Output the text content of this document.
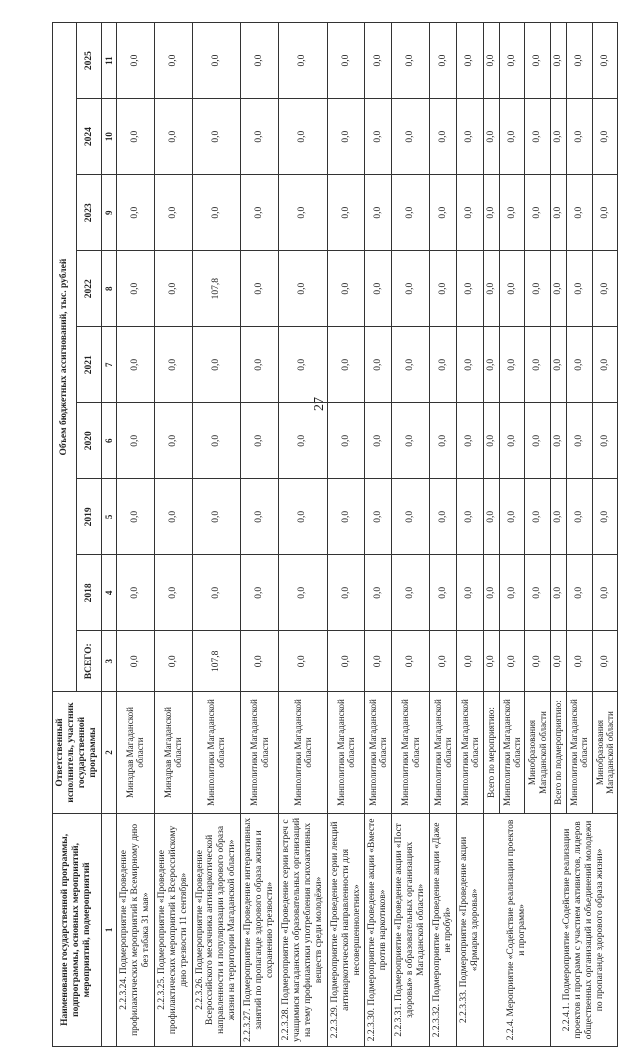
27
Наименование государственной программы, подпрограммы, основных мероприятий, мероприятий, подмероприятий	Ответственный исполнитель, участник государственной программы	Объем бюджетных ассигнований, тыс. рублей								
		ВСЕГО:	2018	2019	2020	2021	2022	2023	2024	2025
1	2	3	4	5	6	7	8	9	10	11
2.2.3.24. Подмероприятие «Проведение профилактических мероприятий к Всемирному дню без табака 31 мая»	Минздрав Магаданской области	0,0	0,0	0,0	0,0	0,0	0,0	0,0	0,0	0,0
2.2.3.25. Подмероприятие «Проведение профилактических мероприятий к Всероссийскому дню трезвости 11 сентября»	Минздрав Магаданской области	0,0	0,0	0,0	0,0	0,0	0,0	0,0	0,0	0,0
2.2.3.26. Подмероприятие «Проведение Всероссийского месячника антинаркотической направленности и популяризации здорового образа жизни на территории Магаданской области»	Минполитики Магаданской области	107,8	0,0	0,0	0,0	0,0	107,8	0,0	0,0	0,0
2.2.3.27. Подмероприятие «Проведение интерактивных занятий по пропаганде здорового образа жизни и сохранению трезвости»	Минполитики Магаданской области	0,0	0,0	0,0	0,0	0,0	0,0	0,0	0,0	0,0
2.2.3.28. Подмероприятие «Проведение серии встреч с учащимися магаданских образовательных организаций на тему профилактики употребления психоактивных веществ среди молодёжи»	Минполитики Магаданской области	0,0	0,0	0,0	0,0	0,0	0,0	0,0	0,0	0,0
2.2.3.29. Подмероприятие «Проведение серии лекций антинаркотической направленности для несовершеннолетних»	Минполитики Магаданской области	0,0	0,0	0,0	0,0	0,0	0,0	0,0	0,0	0,0
2.2.3.30. Подмероприятие «Проведение акции «Вместе против наркотиков»	Минполитики Магаданской области	0,0	0,0	0,0	0,0	0,0	0,0	0,0	0,0	0,0
2.2.3.31. Подмероприятие «Проведение акции «Пост здоровья» в образовательных организациях Магаданской области»	Минполитики Магаданской области	0,0	0,0	0,0	0,0	0,0	0,0	0,0	0,0	0,0
2.2.3.32. Подмероприятие «Проведение акции «Даже не пробуй»	Минполитики Магаданской области	0,0	0,0	0,0	0,0	0,0	0,0	0,0	0,0	0,0
2.2.3.33. Подмероприятие «Проведение акции «Ярмарка здоровья»	Минполитики Магаданской области	0,0	0,0	0,0	0,0	0,0	0,0	0,0	0,0	0,0
2.2.4. Мероприятие «Содействие реализации проектов и программ»	Всего по мероприятию:	0,0	0,0	0,0	0,0	0,0	0,0	0,0	0,0	0,0
	Минполитики Магаданской области	0,0	0,0	0,0	0,0	0,0	0,0	0,0	0,0	0,0
	Минобразования Магаданской области	0,0	0,0	0,0	0,0	0,0	0,0	0,0	0,0	0,0
2.2.4.1. Подмероприятие «Содействие реализации проектов и программ с участием активистов, лидеров общественных организаций и объединений молодежи по пропаганде здорового образа жизни»	Всего по подмероприятию:	0,0	0,0	0,0	0,0	0,0	0,0	0,0	0,0	0,0
	Минполитики Магаданской области	0,0	0,0	0,0	0,0	0,0	0,0	0,0	0,0	0,0
	Минобразования Магаданской области	0,0	0,0	0,0	0,0	0,0	0,0	0,0	0,0	0,0
